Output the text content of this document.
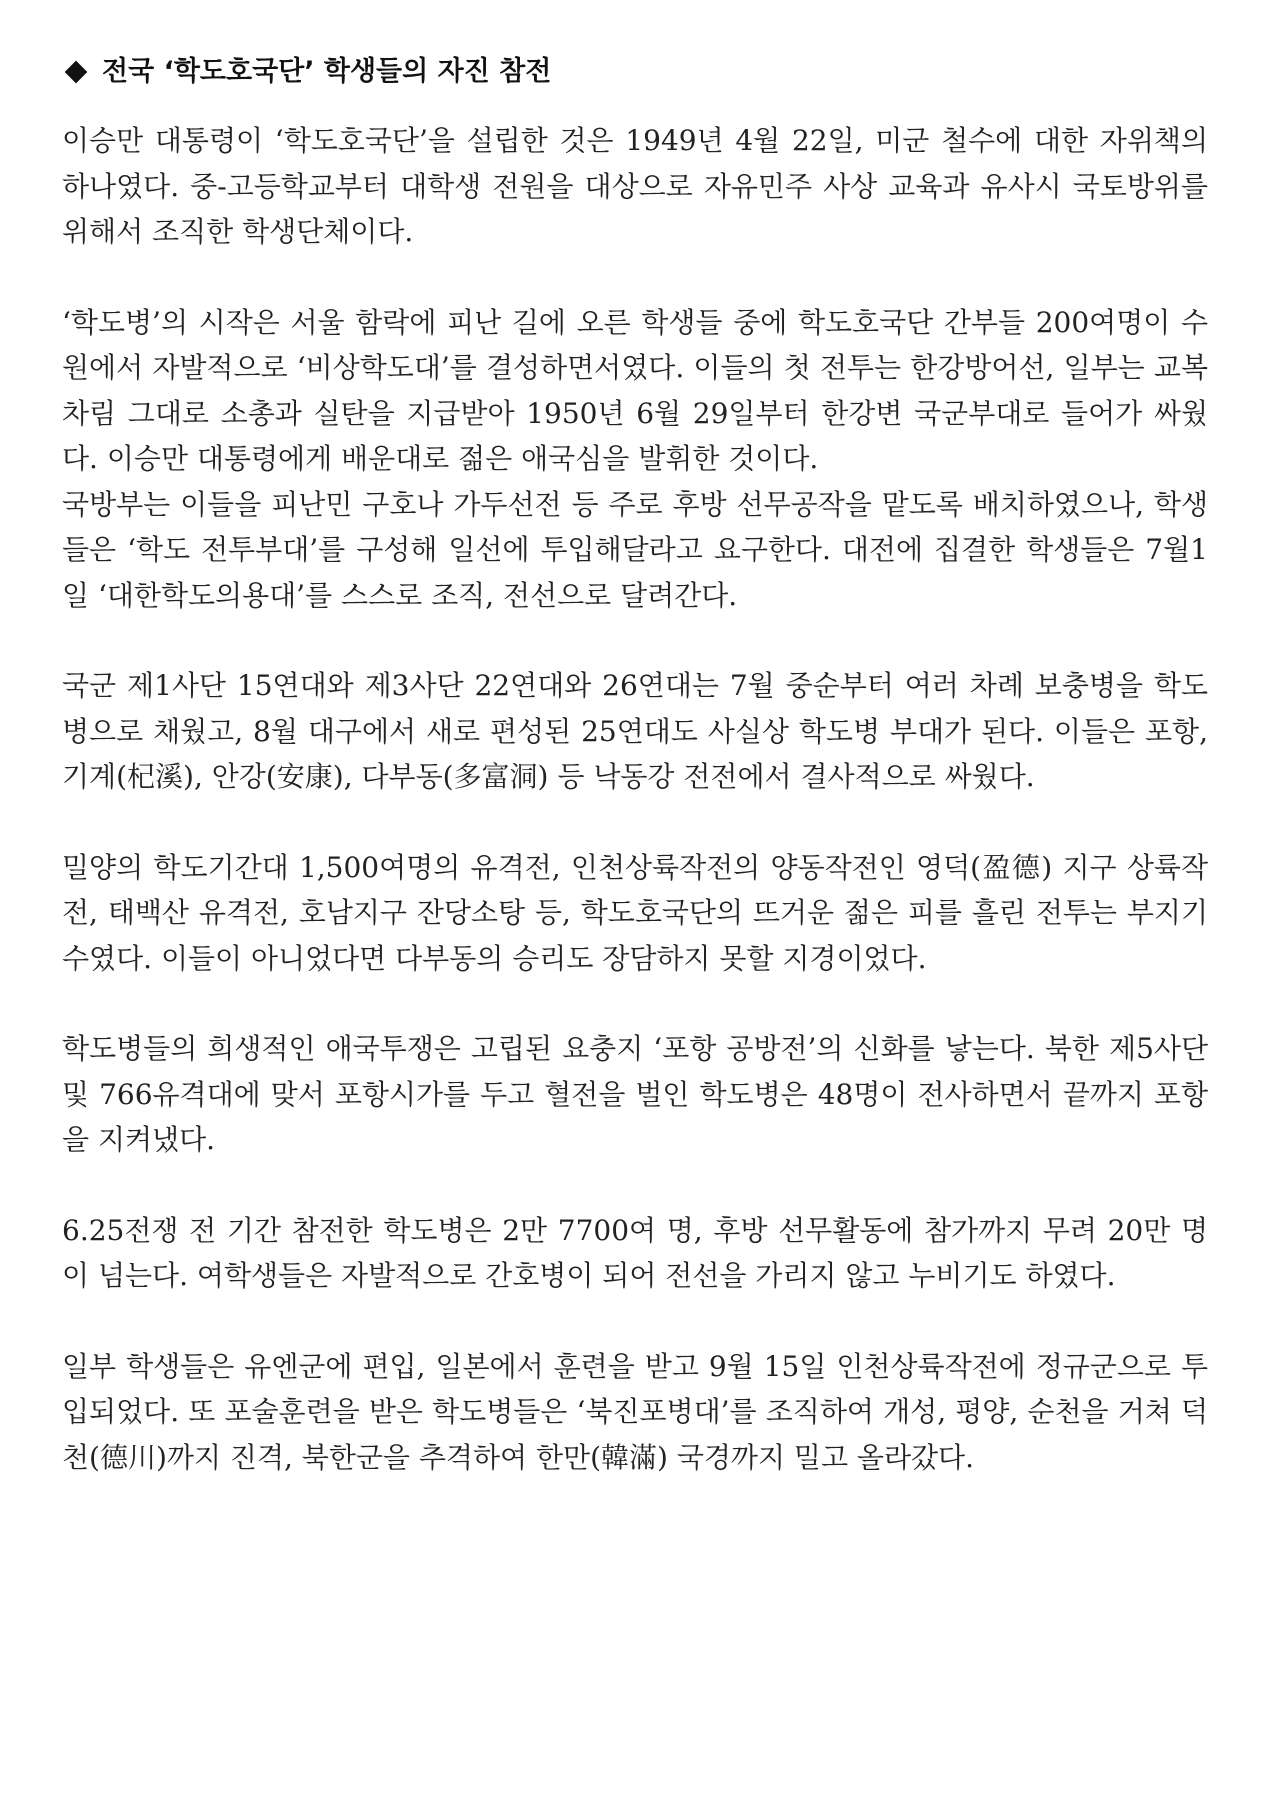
전국 ‘학도호국단’ 학생들의 자진 참전

이승만 대통령이 ‘학도호국단’을 설립한 것은 1949년 4월 22일, 미군 철수에 대한 자위책의 하나였다. 중-고등학교부터 대학생 전원을 대상으로 자유민주 사상 교육과 유사시 국토방위를 위해서 조직한 학생단체이다.

‘학도병’의 시작은 서울 함락에 피난 길에 오른 학생들 중에 학도호국단 간부들 200여명이 수원에서 자발적으로 ‘비상학도대’를 결성하면서였다. 이들의 첫 전투는 한강방어선, 일부는 교복차림 그대로 소총과 실탄을 지급받아 1950년 6월 29일부터 한강변 국군부대로 들어가 싸웠다. 이승만 대통령에게 배운대로 젊은 애국심을 발휘한 것이다.

국방부는 이들을 피난민 구호나 가두선전 등 주로 후방 선무공작을 맡도록 배치하였으나, 학생들은 ‘학도 전투부대’를 구성해 일선에 투입해달라고 요구한다. 대전에 집결한 학생들은 7월1일 ‘대한학도의용대’를 스스로 조직, 전선으로 달려간다.

국군 제1사단 15연대와 제3사단 22연대와 26연대는 7월 중순부터 여러 차례 보충병을 학도병으로 채웠고, 8월 대구에서 새로 편성된 25연대도 사실상 학도병 부대가 된다. 이들은 포항, 기계(杞溪), 안강(安康), 다부동(多富洞) 등 낙동강 전전에서 결사적으로 싸웠다.

밀양의 학도기간대 1,500여명의 유격전, 인천상륙작전의 양동작전인 영덕(盈德) 지구 상륙작전, 태백산 유격전, 호남지구 잔당소탕 등, 학도호국단의 뜨거운 젊은 피를 흘린 전투는 부지기수였다. 이들이 아니었다면 다부동의 승리도 장담하지 못할 지경이었다.

학도병들의 희생적인 애국투쟁은 고립된 요충지 ‘포항 공방전’의 신화를 낳는다. 북한 제5사단 및 766유격대에 맞서 포항시가를 두고 혈전을 벌인 학도병은 48명이 전사하면서 끝까지 포항을 지켜냈다.

6.25전쟁 전 기간 참전한 학도병은 2만 7700여 명, 후방 선무활동에 참가까지 무려 20만 명이 넘는다. 여학생들은 자발적으로 간호병이 되어 전선을 가리지 않고 누비기도 하였다.

일부 학생들은 유엔군에 편입, 일본에서 훈련을 받고 9월 15일 인천상륙작전에 정규군으로 투입되었다. 또 포술훈련을 받은 학도병들은 ‘북진포병대’를 조직하여 개성, 평양, 순천을 거쳐 덕천(德川)까지 진격, 북한군을 추격하여 한만(韓滿) 국경까지 밀고 올라갔다.
